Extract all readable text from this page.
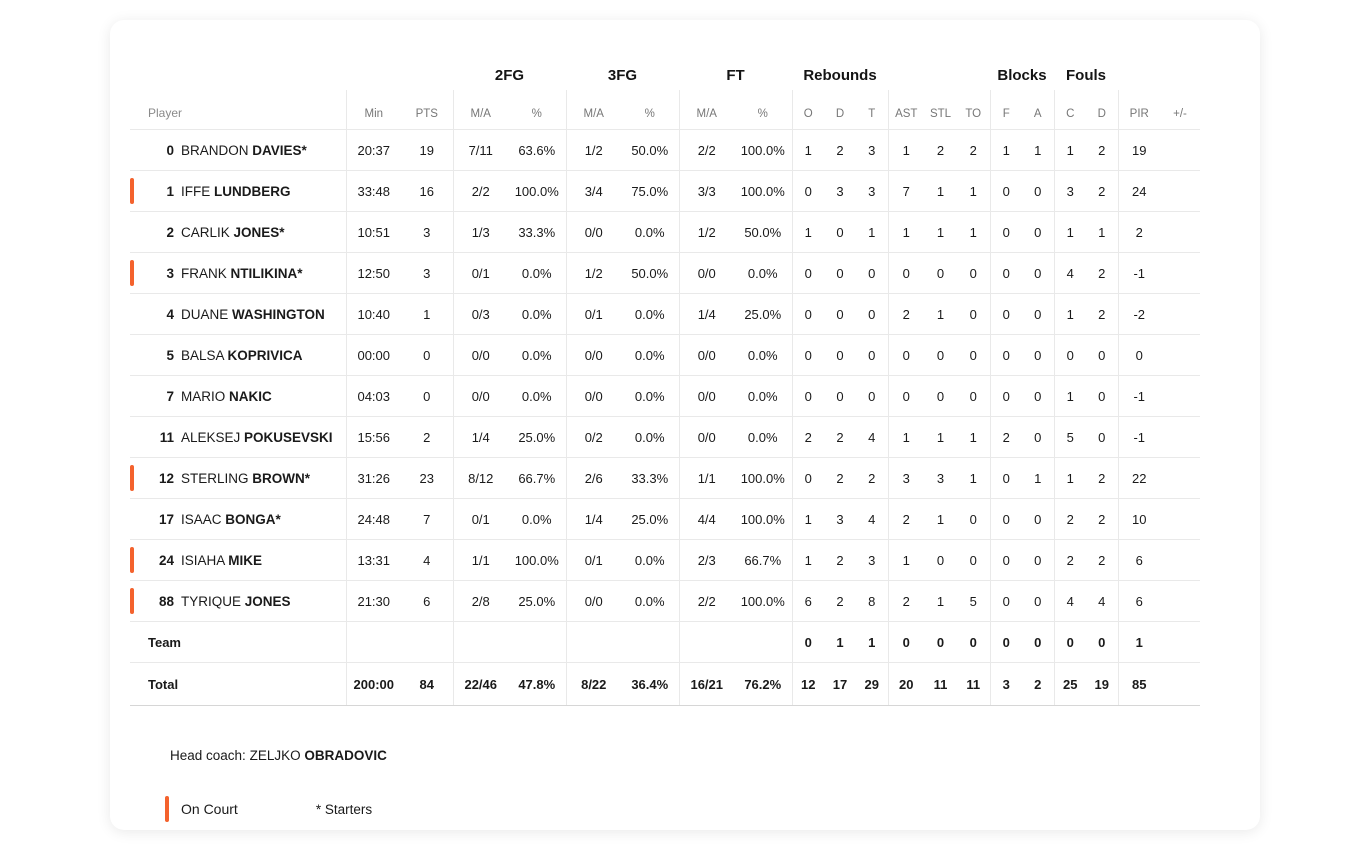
			2FG		3FG		FT		Rebounds						Blocks		Fouls			
Player	Min	PTS	M/A	%	M/A	%	M/A	%	O	D	T	AST	STL	TO	F	A	C	D	PIR	+/-

0 BRANDON DAVIES*	20:37	19	7/11	63.6%	1/2	50.0%	2/2	100.0%	1	2	3	1	2	2	1	1	1	2	19	

1 IFFE LUNDBERG	33:48	16	2/2	100.0%	3/4	75.0%	3/3	100.0%	0	3	3	7	1	1	0	0	3	2	24	

2 CARLIK JONES*	10:51	3	1/3	33.3%	0/0	0.0%	1/2	50.0%	1	0	1	1	1	1	0	0	1	1	2	

3 FRANK NTILIKINA*	12:50	3	0/1	0.0%	1/2	50.0%	0/0	0.0%	0	0	0	0	0	0	0	0	4	2	-1	

4 DUANE WASHINGTON	10:40	1	0/3	0.0%	0/1	0.0%	1/4	25.0%	0	0	0	2	1	0	0	0	1	2	-2	

5 BALSA KOPRIVICA	00:00	0	0/0	0.0%	0/0	0.0%	0/0	0.0%	0	0	0	0	0	0	0	0	0	0	0	

7 MARIO NAKIC	04:03	0	0/0	0.0%	0/0	0.0%	0/0	0.0%	0	0	0	0	0	0	0	0	1	0	-1	

11 ALEKSEJ POKUSEVSKI	15:56	2	1/4	25.0%	0/2	0.0%	0/0	0.0%	2	2	4	1	1	1	2	0	5	0	-1	

12 STERLING BROWN*	31:26	23	8/12	66.7%	2/6	33.3%	1/1	100.0%	0	2	2	3	3	1	0	1	1	2	22	

17 ISAAC BONGA*	24:48	7	0/1	0.0%	1/4	25.0%	4/4	100.0%	1	3	4	2	1	0	0	0	2	2	10	

24 ISIAHA MIKE	13:31	4	1/1	100.0%	0/1	0.0%	2/3	66.7%	1	2	3	1	0	0	0	0	2	2	6	

88 TYRIQUE JONES	21:30	6	2/8	25.0%	0/0	0.0%	2/2	100.0%	6	2	8	2	1	5	0	0	4	4	6	
Team									0	1	1	0	0	0	0	0	0	0	1	
Total	200:00	84	22/46	47.8%	8/22	36.4%	16/21	76.2%	12	17	29	20	11	11	3	2	25	19	85	
Head coach: ZELJKO OBRADOVIC
On Court	* Starters
